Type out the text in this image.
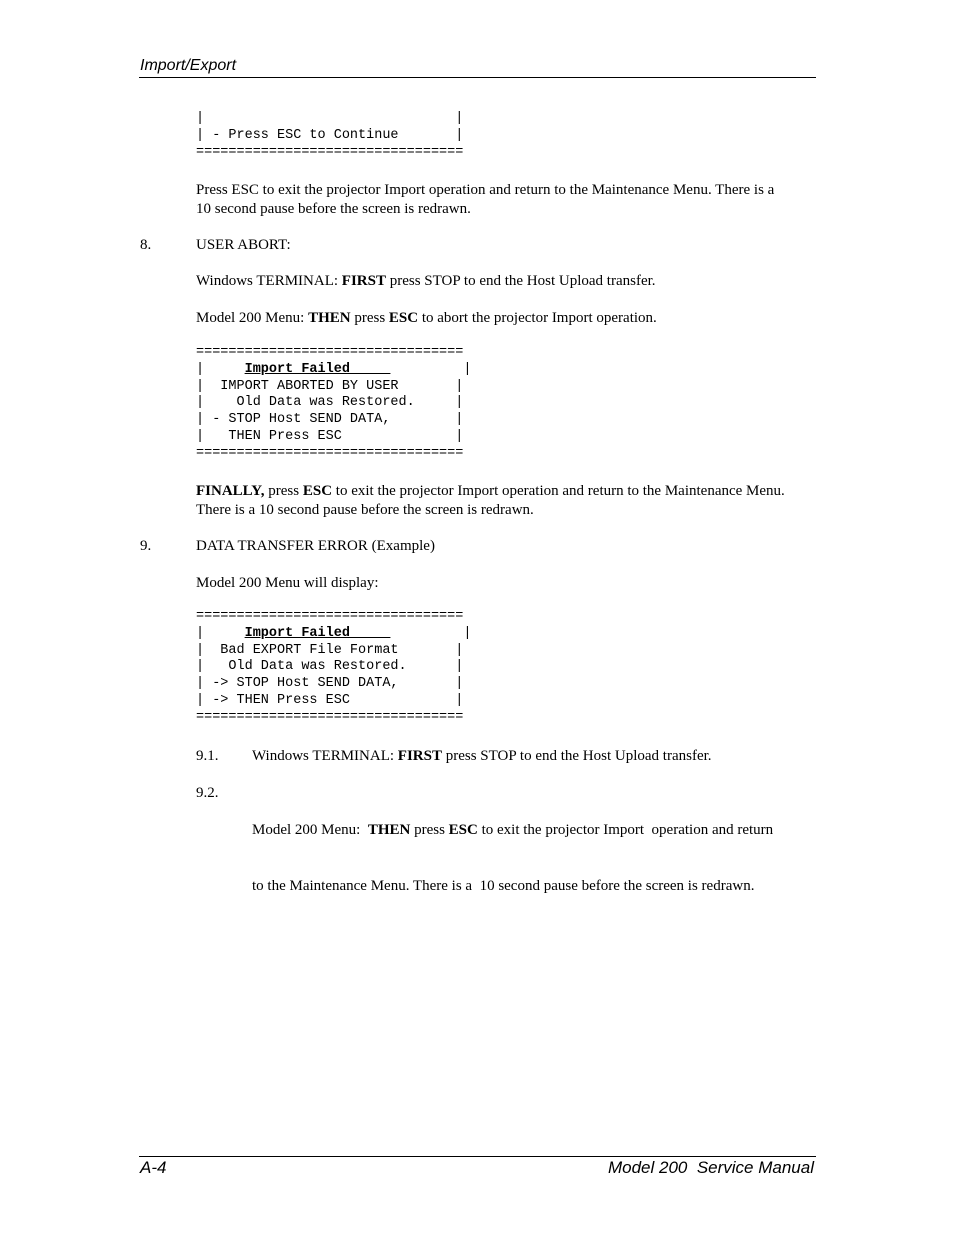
Import/Export
|                               |
| - Press ESC to Continue       |
=================================
Press ESC to exit the projector Import operation and return to the Maintenance Menu. There is a
10 second pause before the screen is redrawn.
8.	USER ABORT:
Windows TERMINAL: FIRST press STOP to end the Host Upload transfer.
Model 200 Menu: THEN press ESC to abort the projector Import operation.
=================================
|     Import Failed              |
|  IMPORT ABORTED BY USER       |
|    Old Data was Restored.     |
| - STOP Host SEND DATA,        |
|   THEN Press ESC              |
=================================
FINALLY, press ESC to exit the projector Import operation and return to the Maintenance Menu.
There is a 10 second pause before the screen is redrawn.
9.	DATA TRANSFER ERROR (Example)
Model 200 Menu will display:
=================================
|     Import Failed              |
|  Bad EXPORT File Format       |
|   Old Data was Restored.      |
| -> STOP Host SEND DATA,       |
| -> THEN Press ESC             |
=================================
9.1. Windows TERMINAL: FIRST press STOP to end the Host Upload transfer.
9.2.

Model 200 Menu:  THEN press ESC to exit the projector Import  operation and return

to the Maintenance Menu. There is a  10 second pause before the screen is redrawn.

A-4	Model 200  Service Manual
